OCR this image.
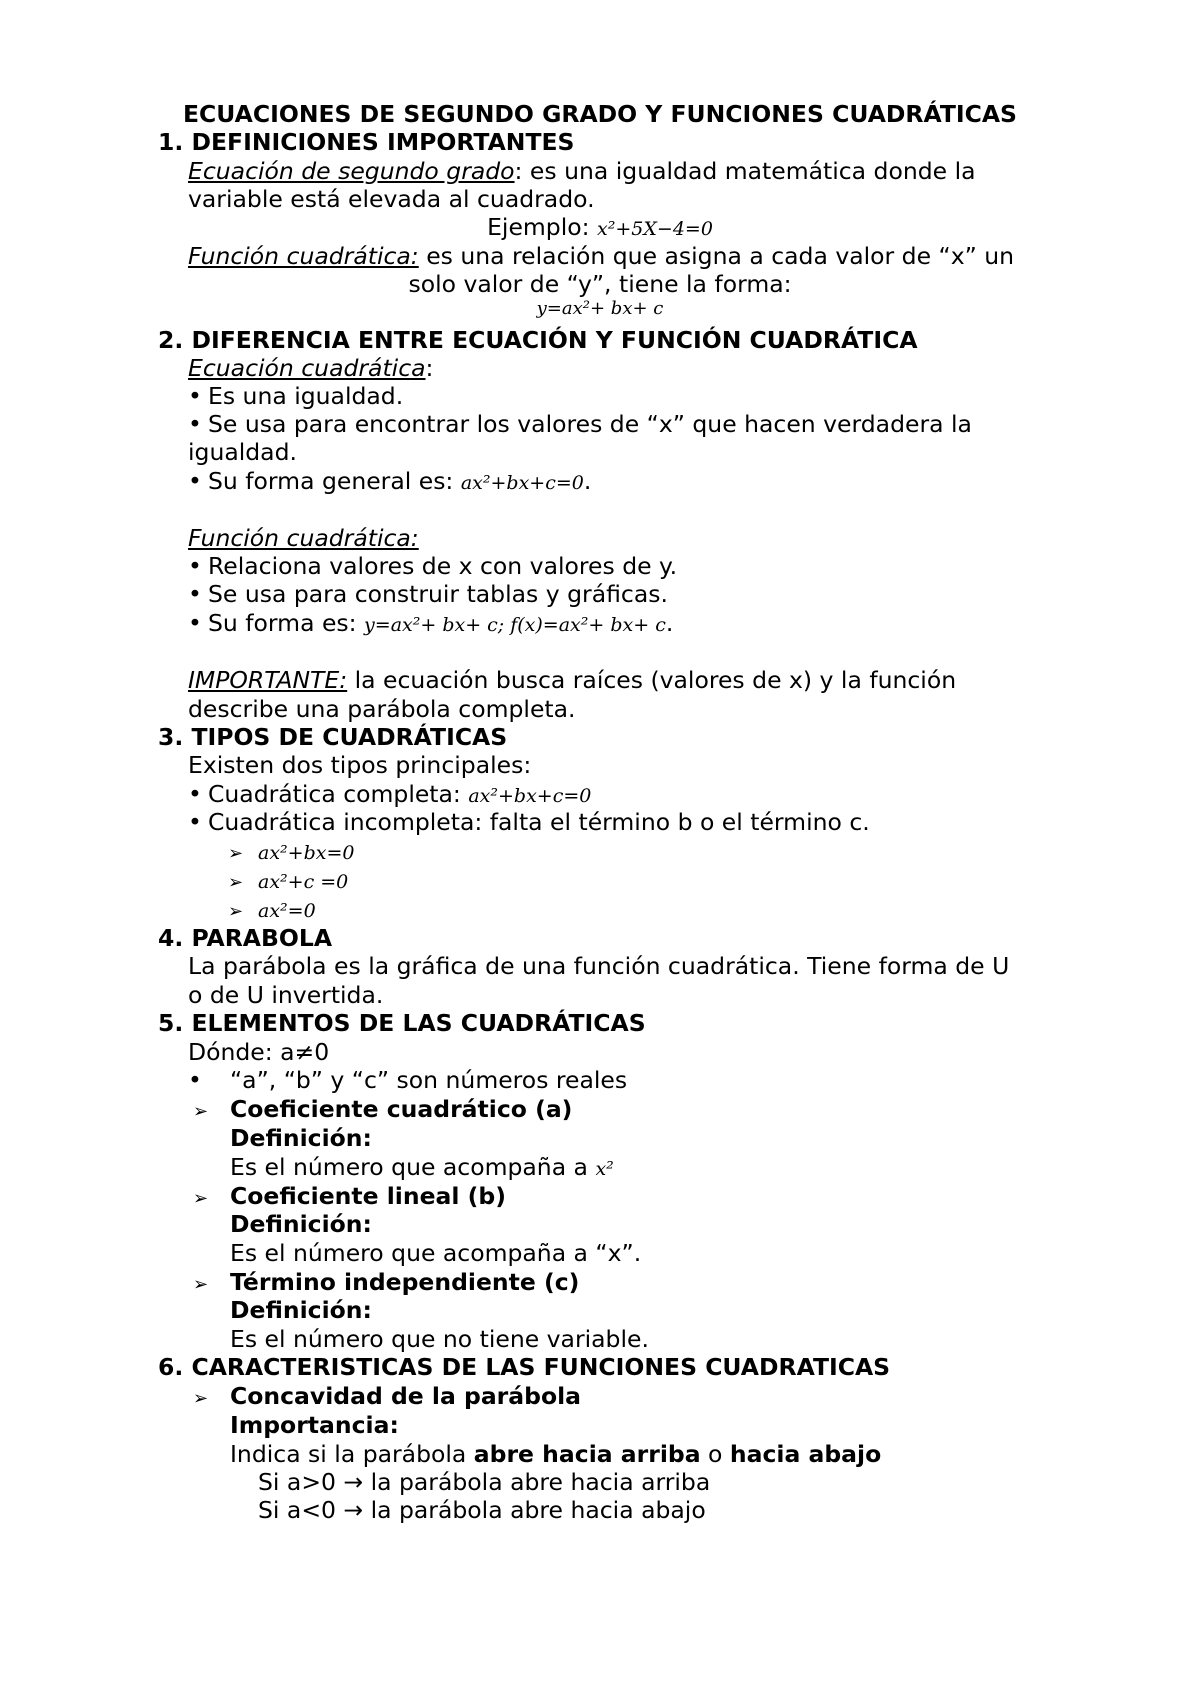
ECUACIONES DE SEGUNDO GRADO Y FUNCIONES CUADRÁTICAS
1. DEFINICIONES IMPORTANTES
Ecuación de segundo grado: es una igualdad matemática donde la
variable está elevada al cuadrado.
Ejemplo: x²+5X−4=0
Función cuadrática: es una relación que asigna a cada valor de “x” un
solo valor de “y”, tiene la forma:
y=ax²+ bx+ c
2. DIFERENCIA ENTRE ECUACIÓN Y FUNCIÓN CUADRÁTICA
Ecuación cuadrática:
• Es una igualdad.
• Se usa para encontrar los valores de “x” que hacen verdadera la
igualdad.
• Su forma general es: ax²+bx+c=0.
Función cuadrática:
• Relaciona valores de x con valores de y.
• Se usa para construir tablas y gráficas.
• Su forma es: y=ax²+ bx+ c; f(x)=ax²+ bx+ c.
IMPORTANTE: la ecuación busca raíces (valores de x) y la función
describe una parábola completa.
3. TIPOS DE CUADRÁTICAS
Existen dos tipos principales:
• Cuadrática completa: ax²+bx+c=0
• Cuadrática incompleta: falta el término b o el término c.
➢ ax²+bx=0
➢ ax²+c =0
➢ ax²=0
4. PARABOLA
La parábola es la gráfica de una función cuadrática. Tiene forma de U
o de U invertida.
5. ELEMENTOS DE LAS CUADRÁTICAS
Dónde: a≠0
• “a”, “b” y “c” son números reales
➢ Coeficiente cuadrático (a)
Definición:
Es el número que acompaña a x²
➢ Coeficiente lineal (b)
Definición:
Es el número que acompaña a “x”.
➢ Término independiente (c)
Definición:
Es el número que no tiene variable.
6. CARACTERISTICAS DE LAS FUNCIONES CUADRATICAS
➢ Concavidad de la parábola
Importancia:
Indica si la parábola abre hacia arriba o hacia abajo
Si a>0 → la parábola abre hacia arriba
Si a<0 → la parábola abre hacia abajo
